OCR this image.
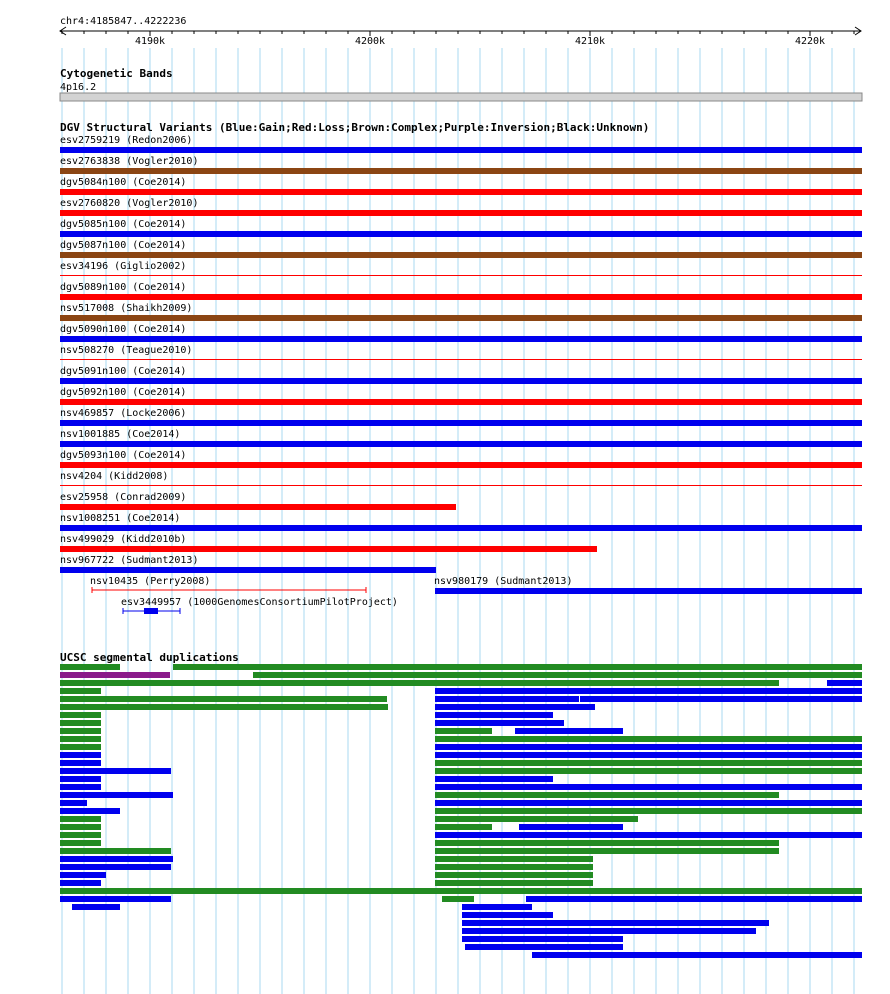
chr4:4185847..4222236
4190k	4200k	4210k	4220k
Cytogenetic Bands
4p16.2
DGV Structural Variants (Blue:Gain;Red:Loss;Brown:Complex;Purple:Inversion;Black:Unknown)
esv2759219 (Redon2006)
esv2763838 (Vogler2010)
dgv5084n100 (Coe2014)
esv2760820 (Vogler2010)
dgv5085n100 (Coe2014)
dgv5087n100 (Coe2014)
esv34196 (Giglio2002)
dgv5089n100 (Coe2014)
nsv517008 (Shaikh2009)
dgv5090n100 (Coe2014)
nsv508270 (Teague2010)
dgv5091n100 (Coe2014)
dgv5092n100 (Coe2014)
nsv469857 (Locke2006)
nsv1001885 (Coe2014)
dgv5093n100 (Coe2014)
nsv4204 (Kidd2008)
esv25958 (Conrad2009)
nsv1008251 (Coe2014)
nsv499029 (Kidd2010b)
nsv967722 (Sudmant2013)
nsv10435 (Perry2008)	nsv980179 (Sudmant2013)
esv3449957 (1000GenomesConsortiumPilotProject)
UCSC segmental duplications
